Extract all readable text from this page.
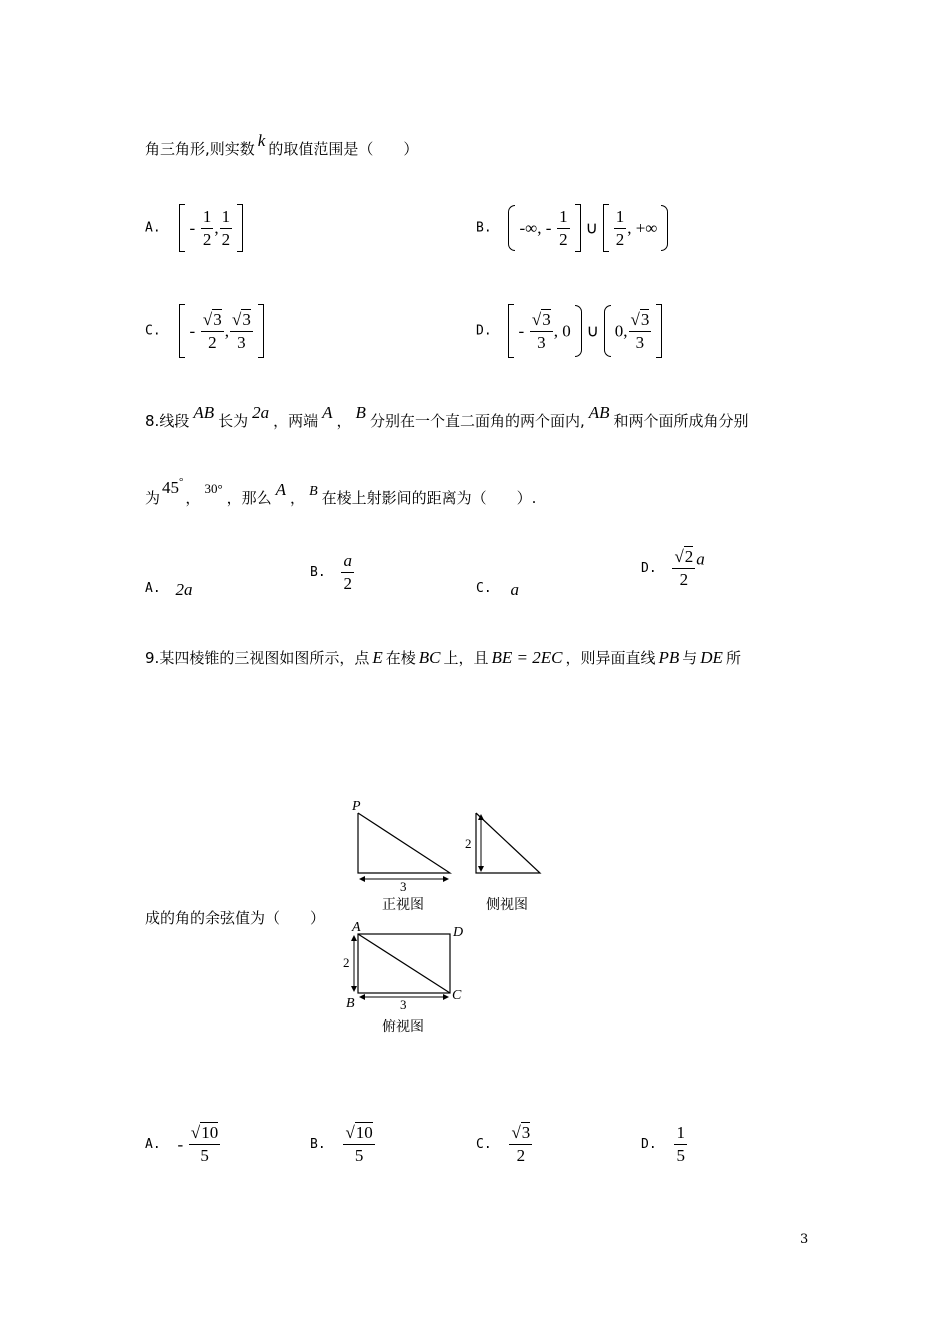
角三角形,则实数 k 的取值范围是（　　）
A. - $\frac{1}{2}$ , $\frac{1}{2}$	B. -∞, - $\frac{1}{2}$ ∪ $\frac{1}{2}$ , +∞
C. - $\frac{√3}{2}$ , $\frac{√3}{3}$	D. - $\frac{√3}{3}$ , 0 ∪ 0, $\frac{√3}{3}$
8.线段 AB 长为 2a ，两端 A ， B 分别在一个直二面角的两个面内, AB 和两个面所成角分别
为45°，30°，那么 A ， B 在棱上射影间的距离为（　　）.
A. 2a
B. $\frac{a}{2}$	C. a
D. $\frac{√2}{2}$ a
9.某四棱锥的三视图如图所示，点 E 在棱 BC 上，且 BE = 2EC ，则异面直线 PB 与 DE 所
成的角的余弦值为（　　）
P
3
正视图
2
侧视图
A	D
B
C
2
3
俯视图
A. - $\frac{√10}{5}$	B. $\frac{√10}{5}$	C. $\frac{√3}{2}$	D. $\frac{1}{5}$
3
